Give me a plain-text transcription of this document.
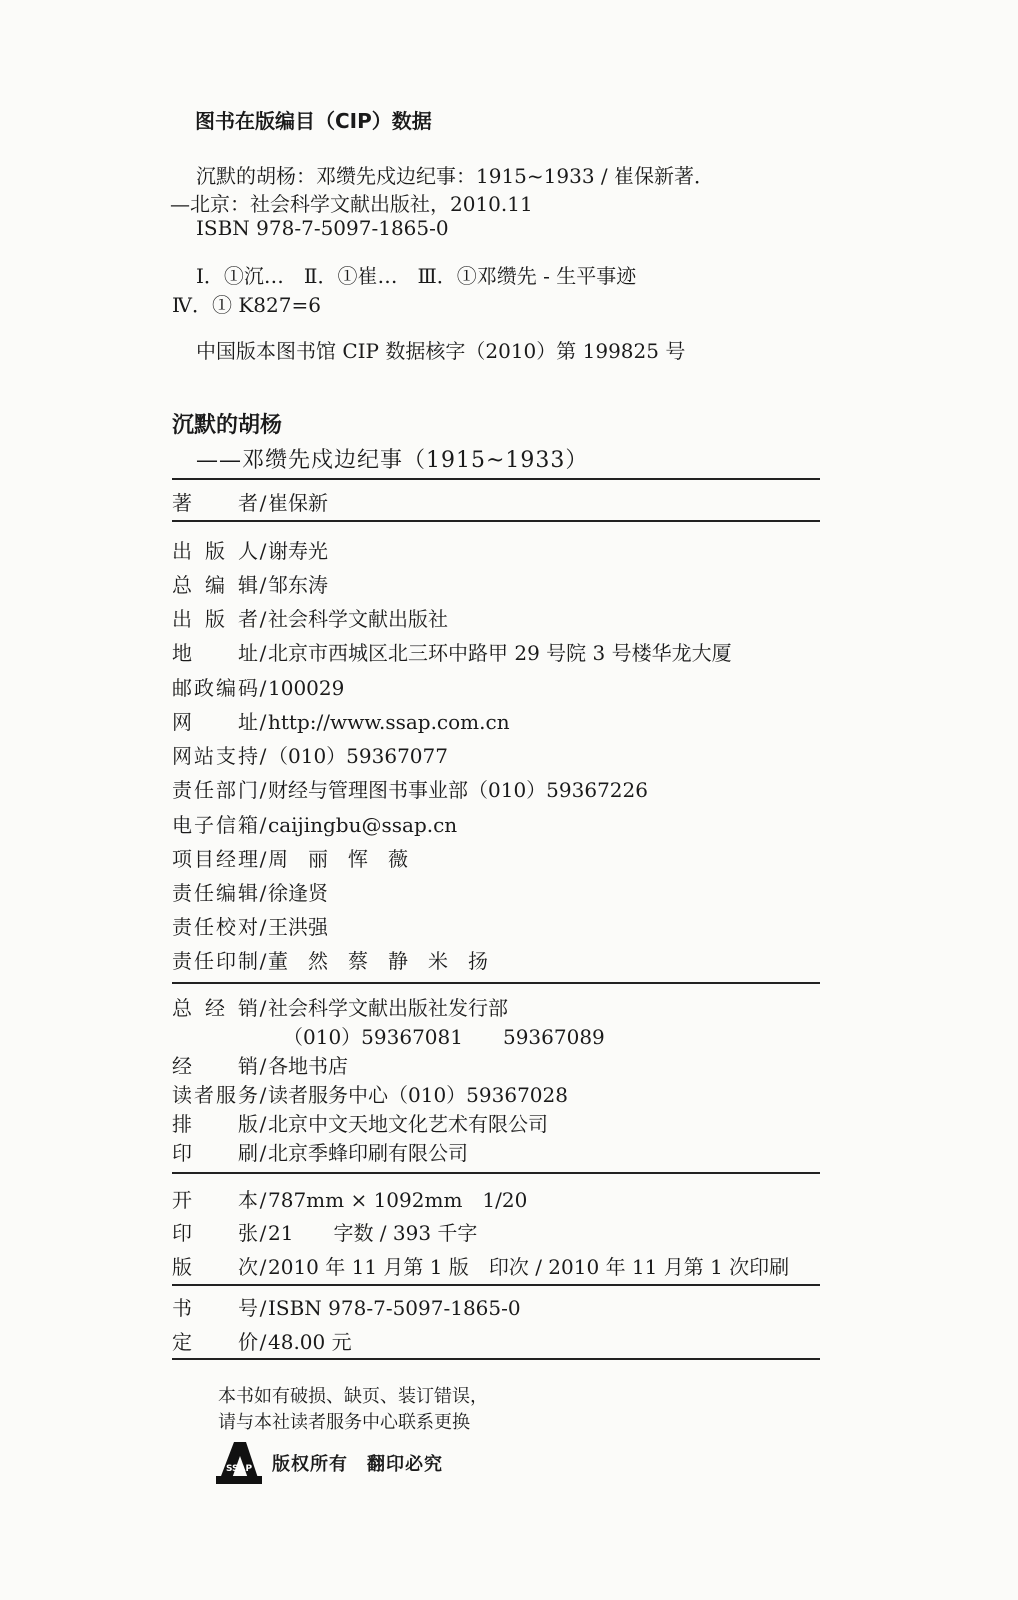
图书在版编目（CIP）数据
沉默的胡杨：邓缵先戍边纪事：1915~1933 / 崔保新著．
—北京：社会科学文献出版社，2010.11
ISBN 978-7-5097-1865-0
Ⅰ．①沉…　Ⅱ．①崔…　Ⅲ．①邓缵先 - 生平事迹
Ⅳ．① K827=6
中国版本图书馆 CIP 数据核字（2010）第 199825 号
沉默的胡杨
——邓缵先戍边纪事（1915~1933）
著　　者/崔保新
出 版 人/谢寿光
总 编 辑/邹东涛
出 版 者/社会科学文献出版社
地　　址/北京市西城区北三环中路甲 29 号院 3 号楼华龙大厦
邮政编码/100029
网　　址/http://www.ssap.com.cn
网站支持/（010）59367077
责任部门/财经与管理图书事业部（010）59367226
电子信箱/caijingbu@ssap.cn
项目经理/周　丽　恽　薇
责任编辑/徐逢贤
责任校对/王洪强
责任印制/董　然　蔡　静　米　扬
总 经 销/社会科学文献出版社发行部
（010）59367081　　59367089
经　　销/各地书店
读者服务/读者服务中心（010）59367028
排　　版/北京中文天地文化艺术有限公司
印　　刷/北京季蜂印刷有限公司
开　　本/787mm × 1092mm　1/20
印　　张/21　　字数 / 393 千字
版　　次/2010 年 11 月第 1 版　印次 / 2010 年 11 月第 1 次印刷
书　　号/ISBN 978-7-5097-1865-0
定　　价/48.00 元
本书如有破损、缺页、装订错误，
请与本社读者服务中心联系更换
SSAP 版权所有　翻印必究
